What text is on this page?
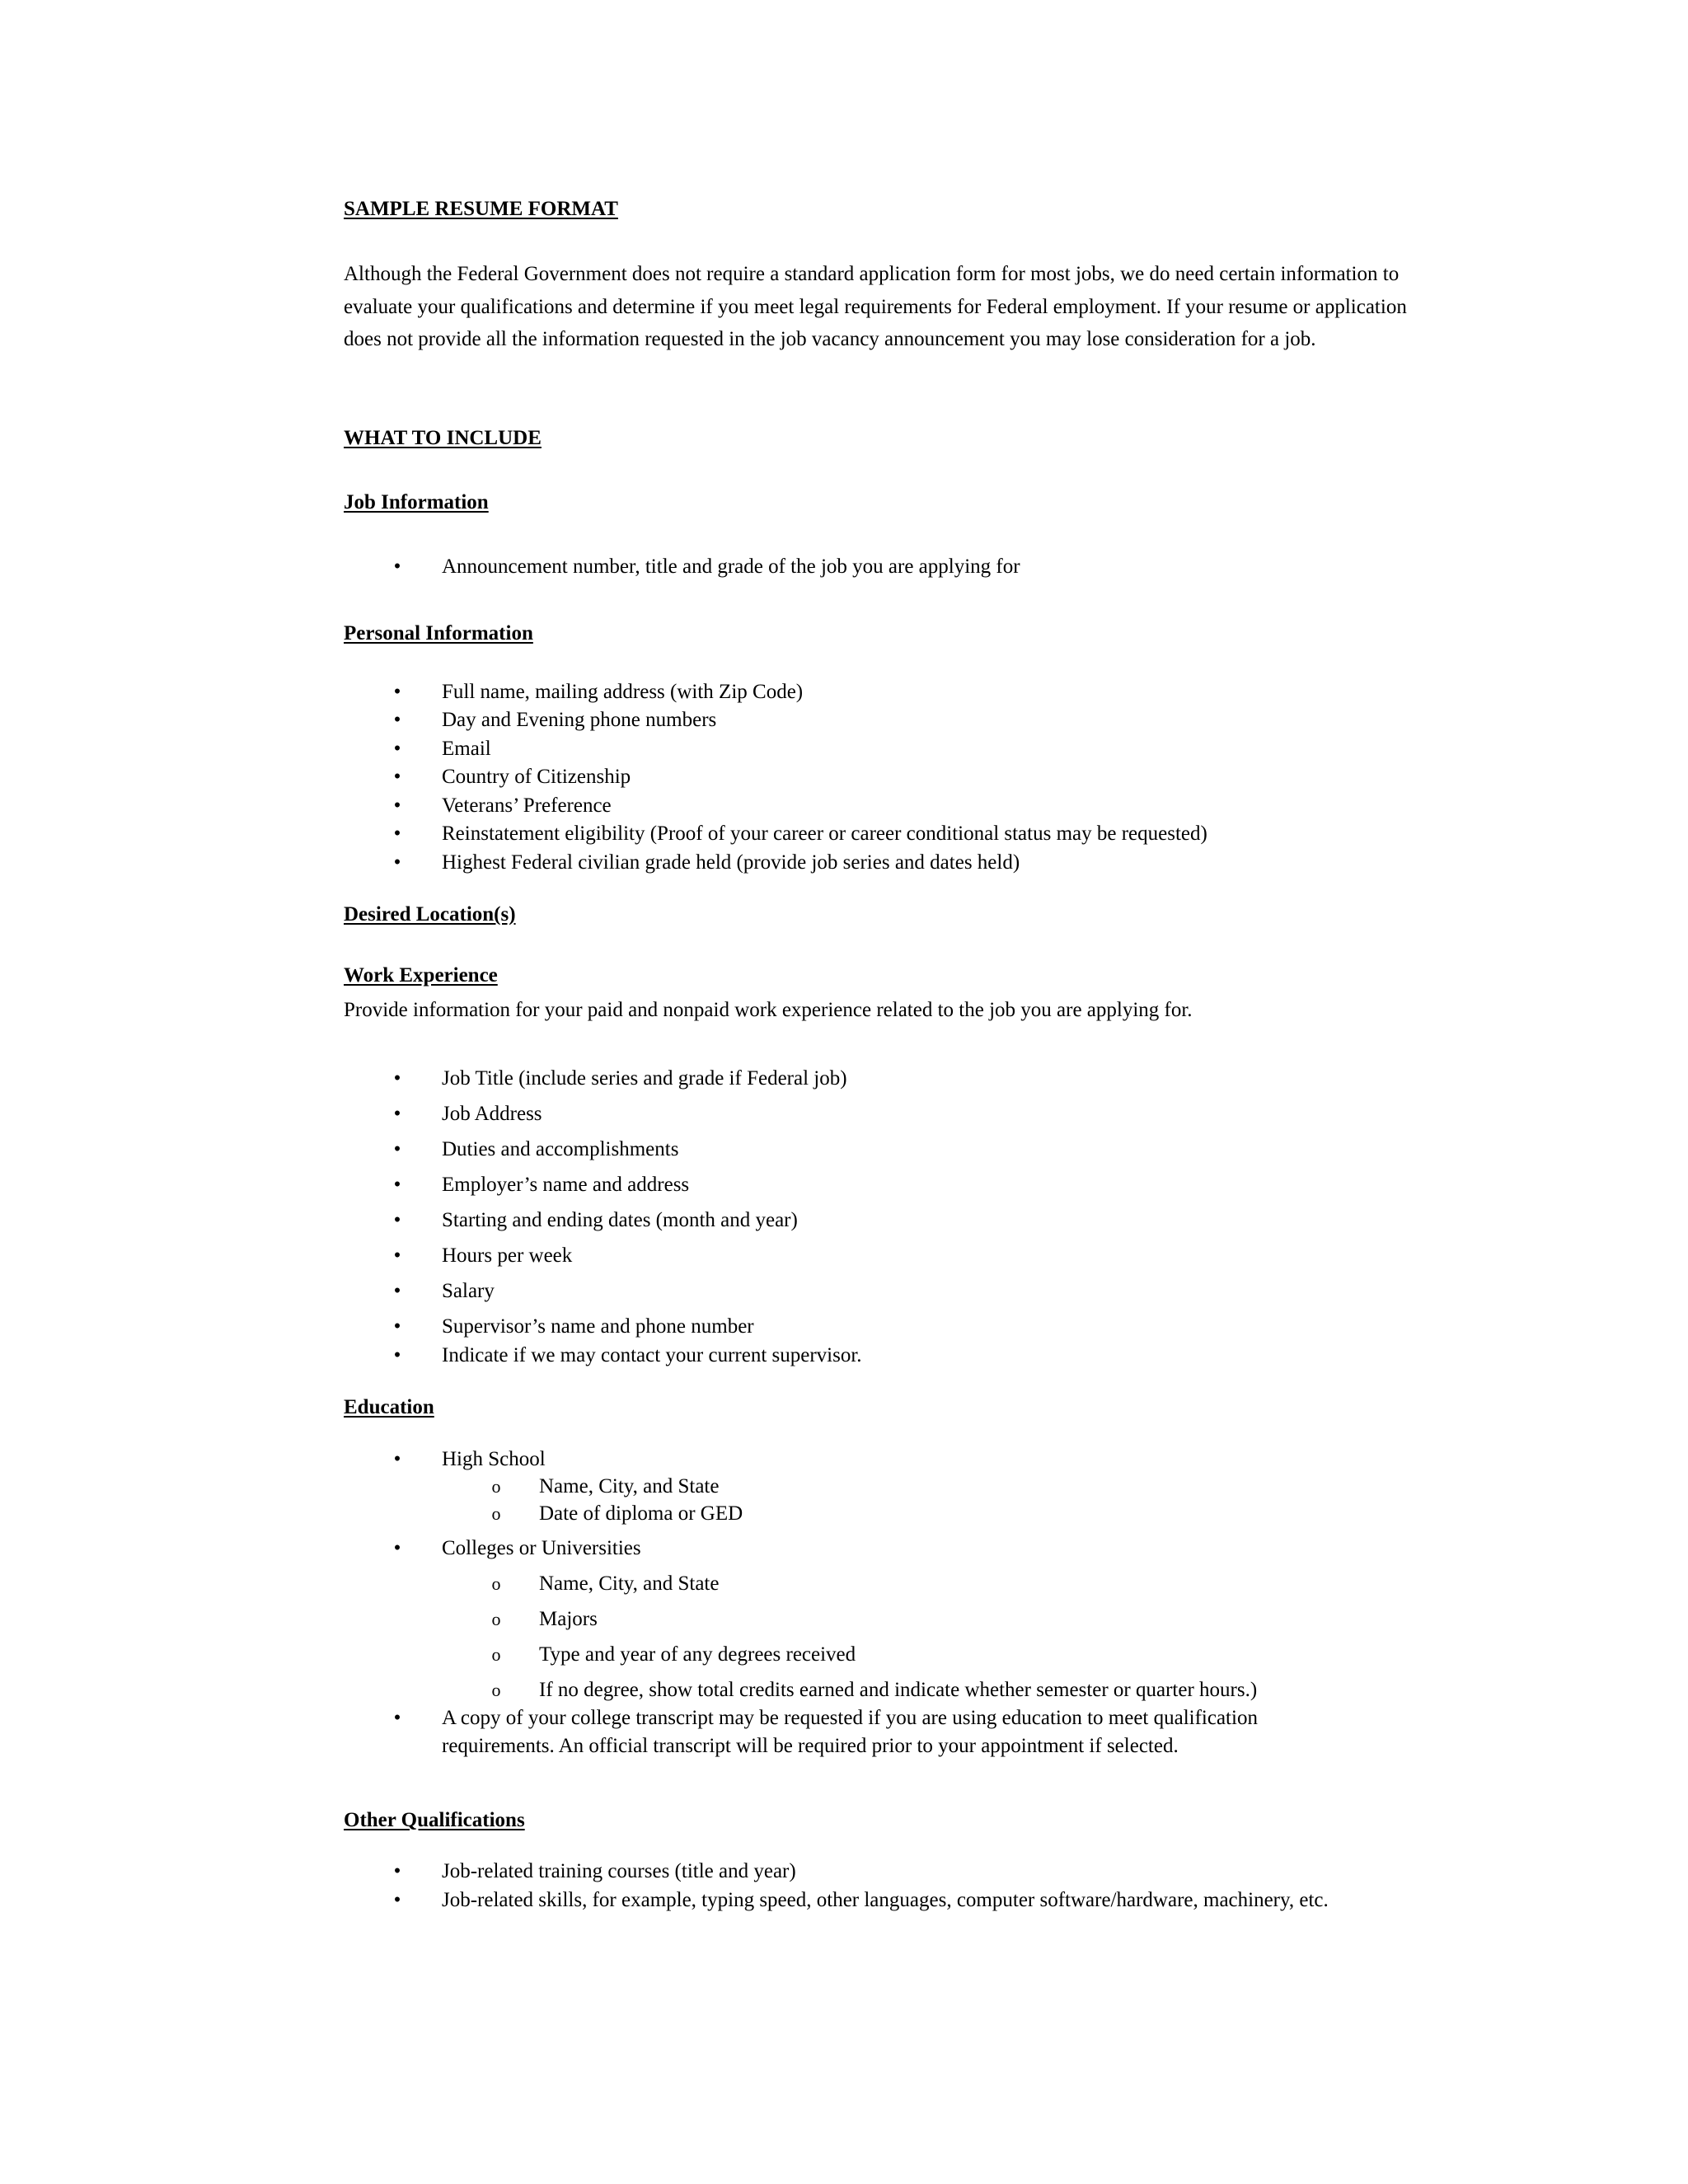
SAMPLE RESUME FORMAT

Although the Federal Government does not require a standard application form for most jobs, we do need certain information to evaluate your qualifications and determine if you meet legal requirements for Federal employment. If your resume or application does not provide all the information requested in the job vacancy announcement you may lose consideration for a job.

WHAT TO INCLUDE

Job Information

•	Announcement number, title and grade of the job you are applying for

Personal Information

•	Full name, mailing address (with Zip Code)
•	Day and Evening phone numbers
•	Email
•	Country of Citizenship
•	Veterans’ Preference
•	Reinstatement eligibility (Proof of your career or career conditional status may be requested)
•	Highest Federal civilian grade held (provide job series and dates held)

Desired Location(s)

Work Experience

Provide information for your paid and nonpaid work experience related to the job you are applying for.

•	Job Title (include series and grade if Federal job)
•	Job Address
•	Duties and accomplishments
•	Employer’s name and address
•	Starting and ending dates (month and year)
•	Hours per week
•	Salary
•	Supervisor’s name and phone number
•	Indicate if we may contact your current supervisor.

Education

•	High School
o Name, City, and State
o Date of diploma or GED
•	Colleges or Universities
o Name, City, and State
o Majors
o Type and year of any degrees received
o If no degree, show total credits earned and indicate whether semester or quarter hours.)
•	A copy of your college transcript may be requested if you are using education to meet qualification requirements. An official transcript will be required prior to your appointment if selected.

Other Qualifications

•	Job-related training courses (title and year)
•	Job-related skills, for example, typing speed, other languages, computer software/hardware, machinery, etc.
